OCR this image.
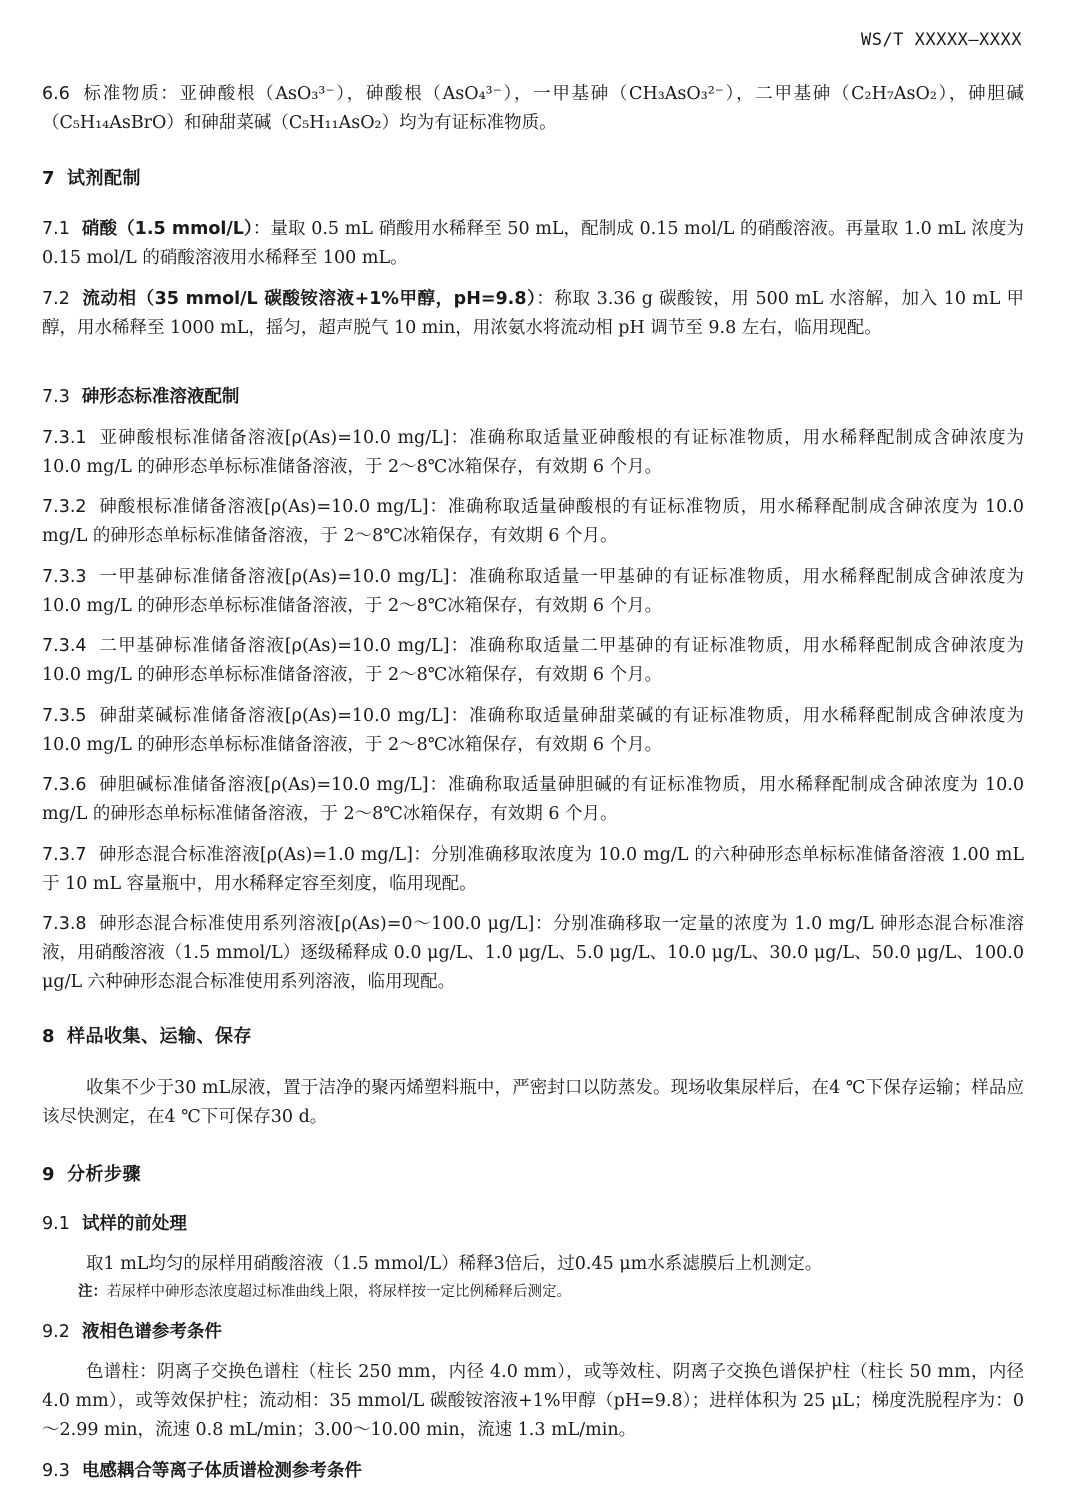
WS/T XXXXX—XXXX
6.6 标准物质：亚砷酸根（AsO₃³⁻），砷酸根（AsO₄³⁻），一甲基砷（CH₃AsO₃²⁻），二甲基砷（C₂H₇AsO₂），砷胆碱（C₅H₁₄AsBrO）和砷甜菜碱（C₅H₁₁AsO₂）均为有证标准物质。
7 试剂配制
7.1 硝酸（1.5 mmol/L）：量取 0.5 mL 硝酸用水稀释至 50 mL，配制成 0.15 mol/L 的硝酸溶液。再量取 1.0 mL 浓度为 0.15 mol/L 的硝酸溶液用水稀释至 100 mL。
7.2 流动相（35 mmol/L 碳酸铵溶液+1%甲醇，pH=9.8）：称取 3.36 g 碳酸铵，用 500 mL 水溶解，加入 10 mL 甲醇，用水稀释至 1000 mL，摇匀，超声脱气 10 min，用浓氨水将流动相 pH 调节至 9.8 左右，临用现配。
7.3 砷形态标准溶液配制
7.3.1 亚砷酸根标准储备溶液[ρ(As)=10.0 mg/L]：准确称取适量亚砷酸根的有证标准物质，用水稀释配制成含砷浓度为 10.0 mg/L 的砷形态单标标准储备溶液，于 2～8℃冰箱保存，有效期 6 个月。
7.3.2 砷酸根标准储备溶液[ρ(As)=10.0 mg/L]：准确称取适量砷酸根的有证标准物质，用水稀释配制成含砷浓度为 10.0 mg/L 的砷形态单标标准储备溶液，于 2～8℃冰箱保存，有效期 6 个月。
7.3.3 一甲基砷标准储备溶液[ρ(As)=10.0 mg/L]：准确称取适量一甲基砷的有证标准物质，用水稀释配制成含砷浓度为 10.0 mg/L 的砷形态单标标准储备溶液，于 2～8℃冰箱保存，有效期 6 个月。
7.3.4 二甲基砷标准储备溶液[ρ(As)=10.0 mg/L]：准确称取适量二甲基砷的有证标准物质，用水稀释配制成含砷浓度为 10.0 mg/L 的砷形态单标标准储备溶液，于 2～8℃冰箱保存，有效期 6 个月。
7.3.5 砷甜菜碱标准储备溶液[ρ(As)=10.0 mg/L]：准确称取适量砷甜菜碱的有证标准物质，用水稀释配制成含砷浓度为 10.0 mg/L 的砷形态单标标准储备溶液，于 2～8℃冰箱保存，有效期 6 个月。
7.3.6 砷胆碱标准储备溶液[ρ(As)=10.0 mg/L]：准确称取适量砷胆碱的有证标准物质，用水稀释配制成含砷浓度为 10.0 mg/L 的砷形态单标标准储备溶液，于 2～8℃冰箱保存，有效期 6 个月。
7.3.7 砷形态混合标准溶液[ρ(As)=1.0 mg/L]：分别准确移取浓度为 10.0 mg/L 的六种砷形态单标标准储备溶液 1.00 mL 于 10 mL 容量瓶中，用水稀释定容至刻度，临用现配。
7.3.8 砷形态混合标准使用系列溶液[ρ(As)=0～100.0 μg/L]：分别准确移取一定量的浓度为 1.0 mg/L 砷形态混合标准溶液，用硝酸溶液（1.5 mmol/L）逐级稀释成 0.0 μg/L、1.0 μg/L、5.0 μg/L、10.0 μg/L、30.0 μg/L、50.0 μg/L、100.0 μg/L 六种砷形态混合标准使用系列溶液，临用现配。
8 样品收集、运输、保存
收集不少于30 mL尿液，置于洁净的聚丙烯塑料瓶中，严密封口以防蒸发。现场收集尿样后，在4 ℃下保存运输；样品应该尽快测定，在4 ℃下可保存30 d。
9 分析步骤
9.1 试样的前处理
取1 mL均匀的尿样用硝酸溶液（1.5 mmol/L）稀释3倍后，过0.45 μm水系滤膜后上机测定。
注：若尿样中砷形态浓度超过标准曲线上限，将尿样按一定比例稀释后测定。
9.2 液相色谱参考条件
色谱柱：阴离子交换色谱柱（柱长 250 mm，内径 4.0 mm），或等效柱、阴离子交换色谱保护柱（柱长 50 mm，内径 4.0 mm），或等效保护柱；流动相：35 mmol/L 碳酸铵溶液+1%甲醇（pH=9.8）；进样体积为 25 μL；梯度洗脱程序为：0～2.99 min，流速 0.8 mL/min；3.00～10.00 min，流速 1.3 mL/min。
9.3 电感耦合等离子体质谱检测参考条件
